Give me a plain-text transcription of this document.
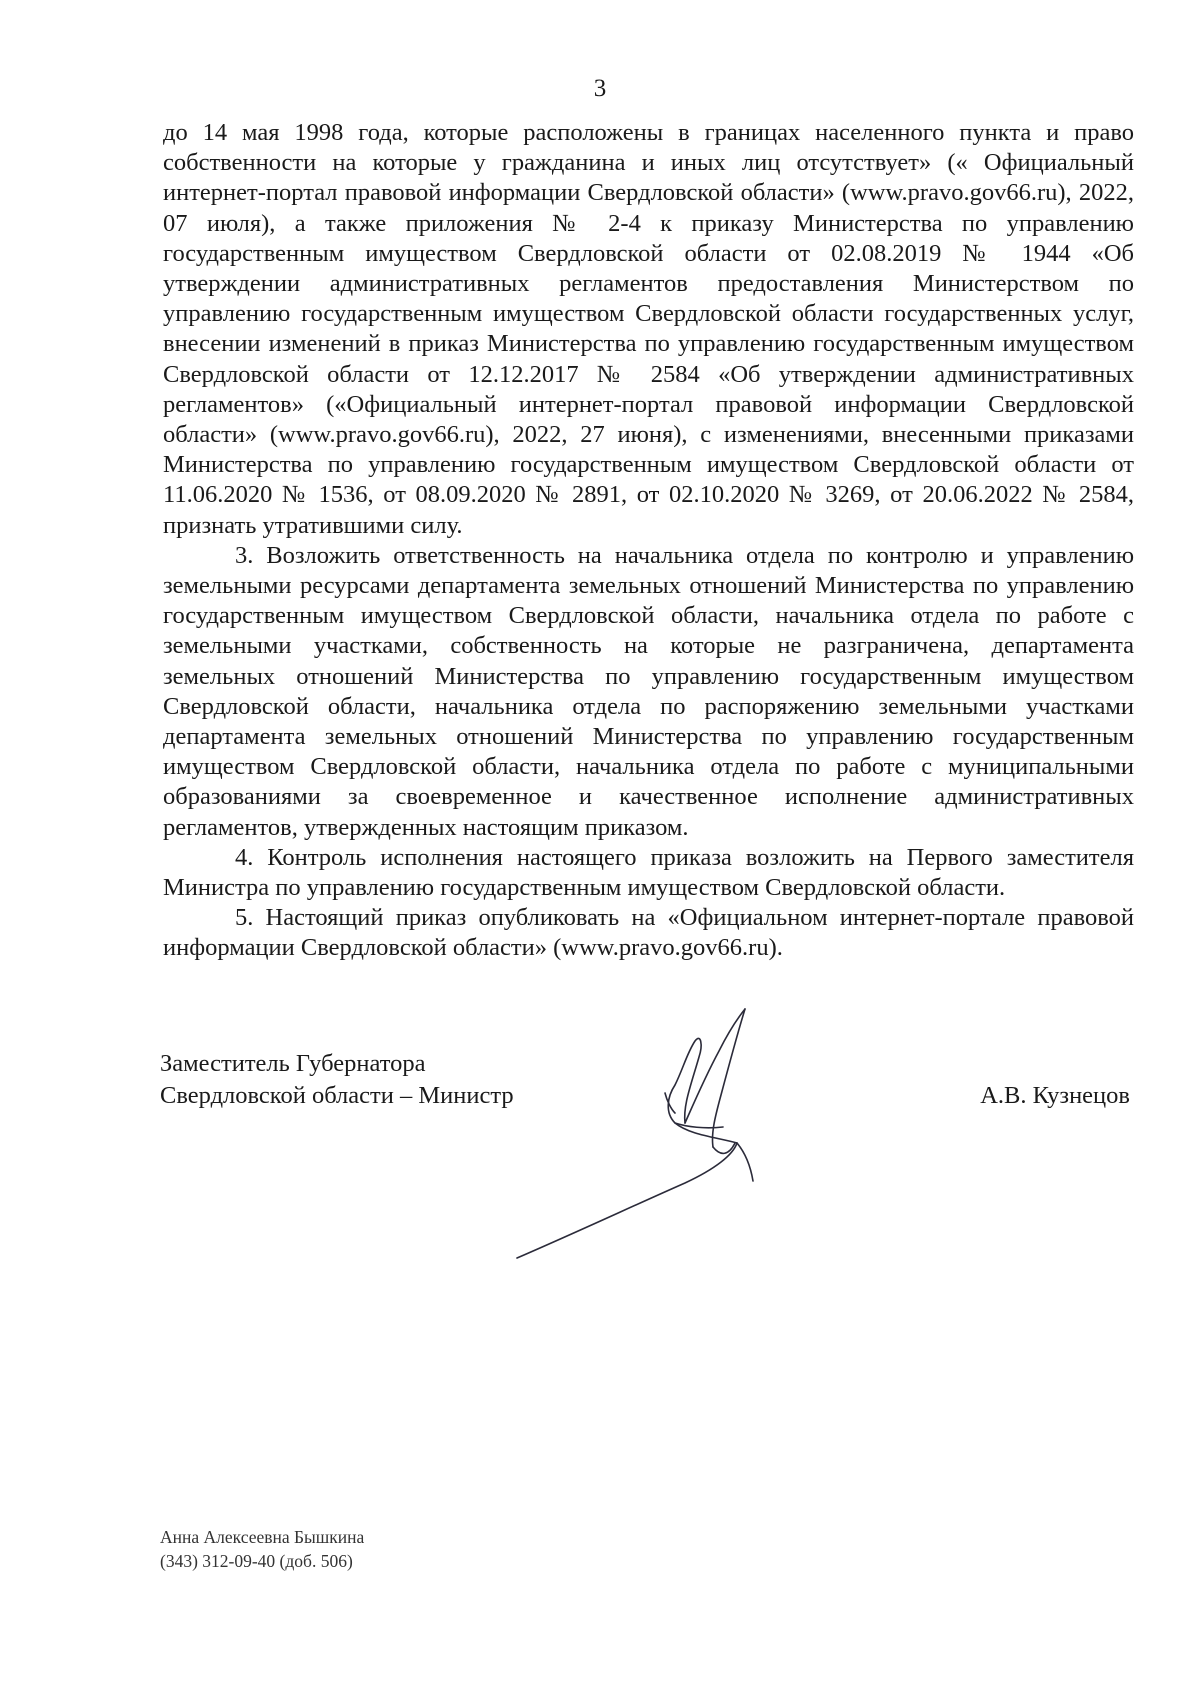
3

до 14 мая 1998 года, которые расположены в границах населенного пункта и право собственности на которые у гражданина и иных лиц отсутствует» (« Официальный интернет-портал правовой информации Свердловской области» (www.pravo.gov66.ru), 2022, 07 июля), а также приложения № 2-4 к приказу Министерства по управлению государственным имуществом Свердловской области от 02.08.2019 № 1944 «Об утверждении административных регламентов предоставления Министерством по управлению государственным имуществом Свердловской области государственных услуг, внесении изменений в приказ Министерства по управлению государственным имуществом Свердловской области от 12.12.2017 № 2584 «Об утверждении административных регламентов» («Официальный интернет-портал правовой информации Свердловской области» (www.pravo.gov66.ru), 2022, 27 июня), с изменениями, внесенными приказами Министерства по управлению государственным имуществом Свердловской области от 11.06.2020 № 1536, от 08.09.2020 № 2891, от 02.10.2020 № 3269, от 20.06.2022 № 2584, признать утратившими силу.

3. Возложить ответственность на начальника отдела по контролю и управлению земельными ресурсами департамента земельных отношений Министерства по управлению государственным имуществом Свердловской области, начальника отдела по работе с земельными участками, собственность на которые не разграничена, департамента земельных отношений Министерства по управлению государственным имуществом Свердловской области, начальника отдела по распоряжению земельными участками департамента земельных отношений Министерства по управлению государственным имуществом Свердловской области, начальника отдела по работе с муниципальными образованиями за своевременное и качественное исполнение административных регламентов, утвержденных настоящим приказом.

4. Контроль исполнения настоящего приказа возложить на Первого заместителя Министра по управлению государственным имуществом Свердловской области.

5. Настоящий приказ опубликовать на «Официальном интернет-портале правовой информации Свердловской области» (www.pravo.gov66.ru).

Заместитель Губернатора
Свердловской области – Министр	А.В. Кузнецов
Анна Алексеевна Бышкина
(343) 312-09-40 (доб. 506)
